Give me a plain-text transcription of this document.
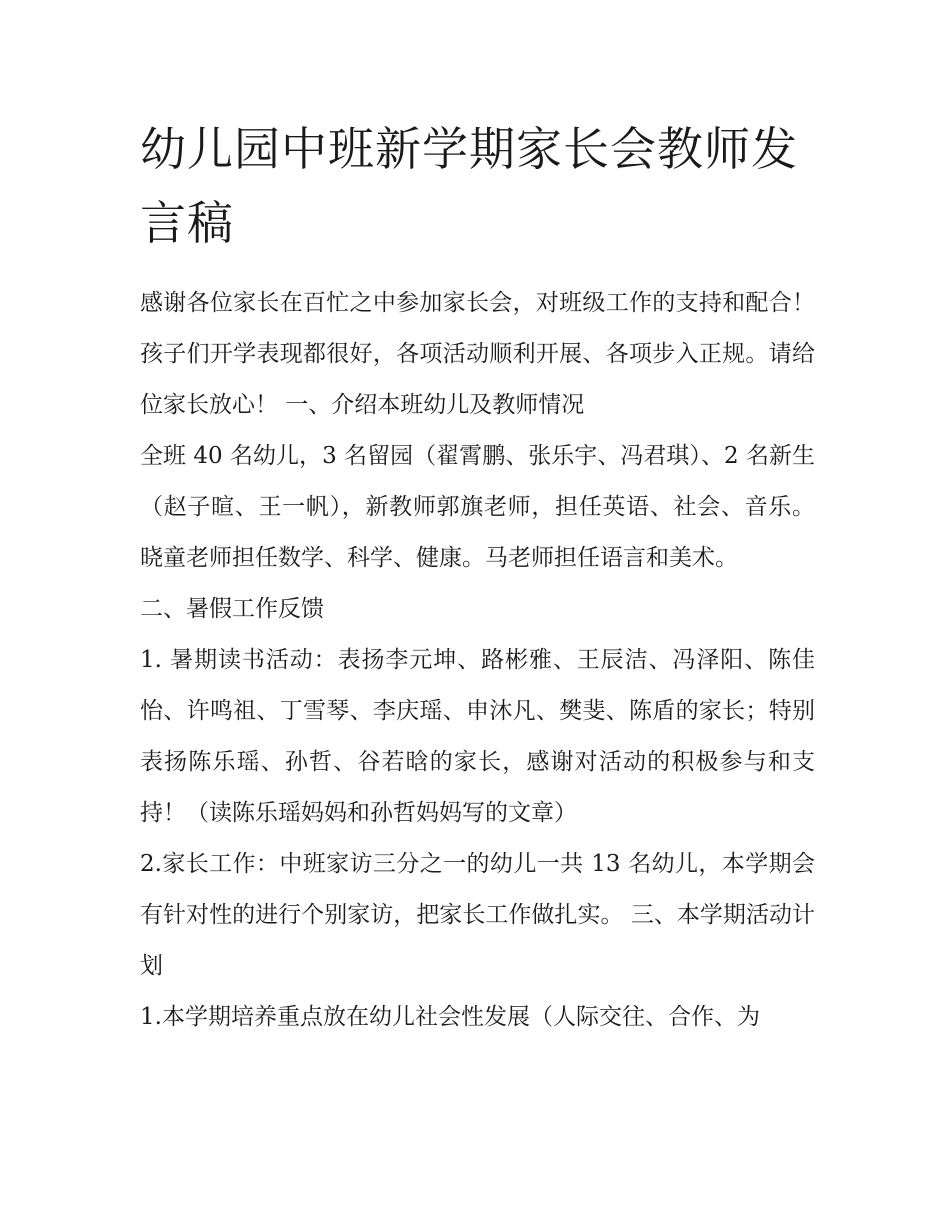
幼儿园中班新学期家长会教师发言稿

感谢各位家长在百忙之中参加家长会，对班级工作的支持和配合！孩子们开学表现都很好，各项活动顺利开展、各项步入正规。请给位家长放心！ 一、介绍本班幼儿及教师情况

全班 40 名幼儿，3 名留园（翟霄鹏、张乐宇、冯君琪）、2 名新生（赵子暄、王一帆），新教师郭旗老师，担任英语、社会、音乐。晓童老师担任数学、科学、健康。马老师担任语言和美术。

二、暑假工作反馈

1. 暑期读书活动：表扬李元坤、路彬雅、王辰洁、冯泽阳、陈佳怡、许鸣祖、丁雪琴、李庆瑶、申沐凡、樊斐、陈盾的家长；特别表扬陈乐瑶、孙哲、谷若晗的家长，感谢对活动的积极参与和支持！（读陈乐瑶妈妈和孙哲妈妈写的文章）

2.家长工作：中班家访三分之一的幼儿一共 13 名幼儿，本学期会有针对性的进行个别家访，把家长工作做扎实。 三、本学期活动计划

1.本学期培养重点放在幼儿社会性发展（人际交往、合作、为
